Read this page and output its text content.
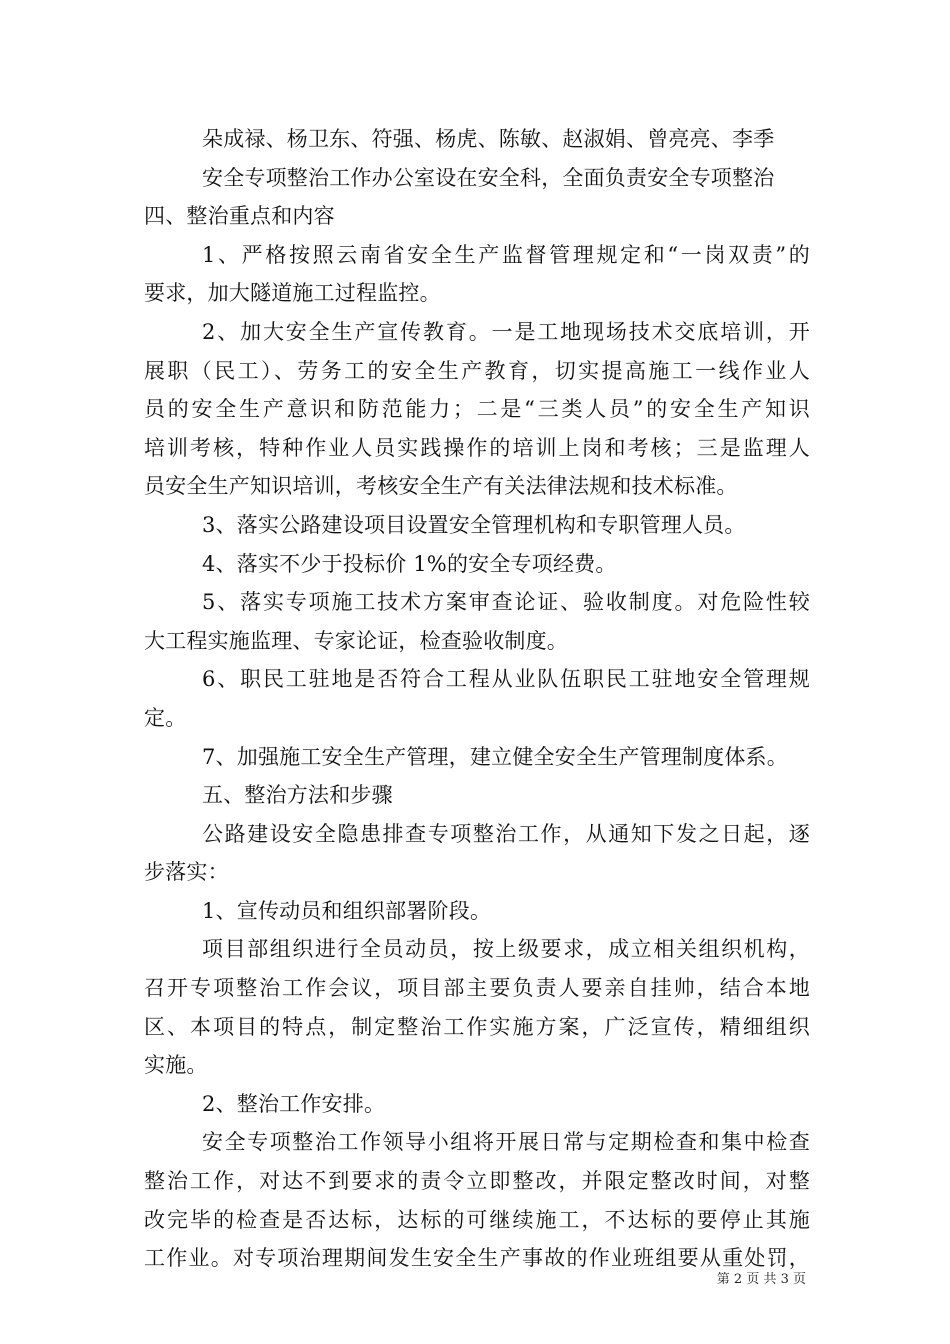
朵成禄、杨卫东、符强、杨虎、陈敏、赵淑娟、曾亮亮、李季
安全专项整治工作办公室设在安全科，全面负责安全专项整治
四、整治重点和内容
1、严格按照云南省安全生产监督管理规定和“一岗双责”的
要求，加大隧道施工过程监控。
2、加大安全生产宣传教育。一是工地现场技术交底培训，开
展职（民工）、劳务工的安全生产教育，切实提高施工一线作业人
员的安全生产意识和防范能力；二是“三类人员”的安全生产知识
培训考核，特种作业人员实践操作的培训上岗和考核；三是监理人
员安全生产知识培训，考核安全生产有关法律法规和技术标准。
3、落实公路建设项目设置安全管理机构和专职管理人员。
4、落实不少于投标价 1%的安全专项经费。
5、落实专项施工技术方案审查论证、验收制度。对危险性较
大工程实施监理、专家论证，检查验收制度。
6、职民工驻地是否符合工程从业队伍职民工驻地安全管理规
定。
7、加强施工安全生产管理，建立健全安全生产管理制度体系。
五、整治方法和步骤
公路建设安全隐患排查专项整治工作，从通知下发之日起，逐
步落实：
1、宣传动员和组织部署阶段。
项目部组织进行全员动员，按上级要求，成立相关组织机构，
召开专项整治工作会议，项目部主要负责人要亲自挂帅，结合本地
区、本项目的特点，制定整治工作实施方案，广泛宣传，精细组织
实施。
2、整治工作安排。
安全专项整治工作领导小组将开展日常与定期检查和集中检查
整治工作，对达不到要求的责令立即整改，并限定整改时间，对整
改完毕的检查是否达标，达标的可继续施工，不达标的要停止其施
工作业。对专项治理期间发生安全生产事故的作业班组要从重处罚，
第 2 页 共 3 页
